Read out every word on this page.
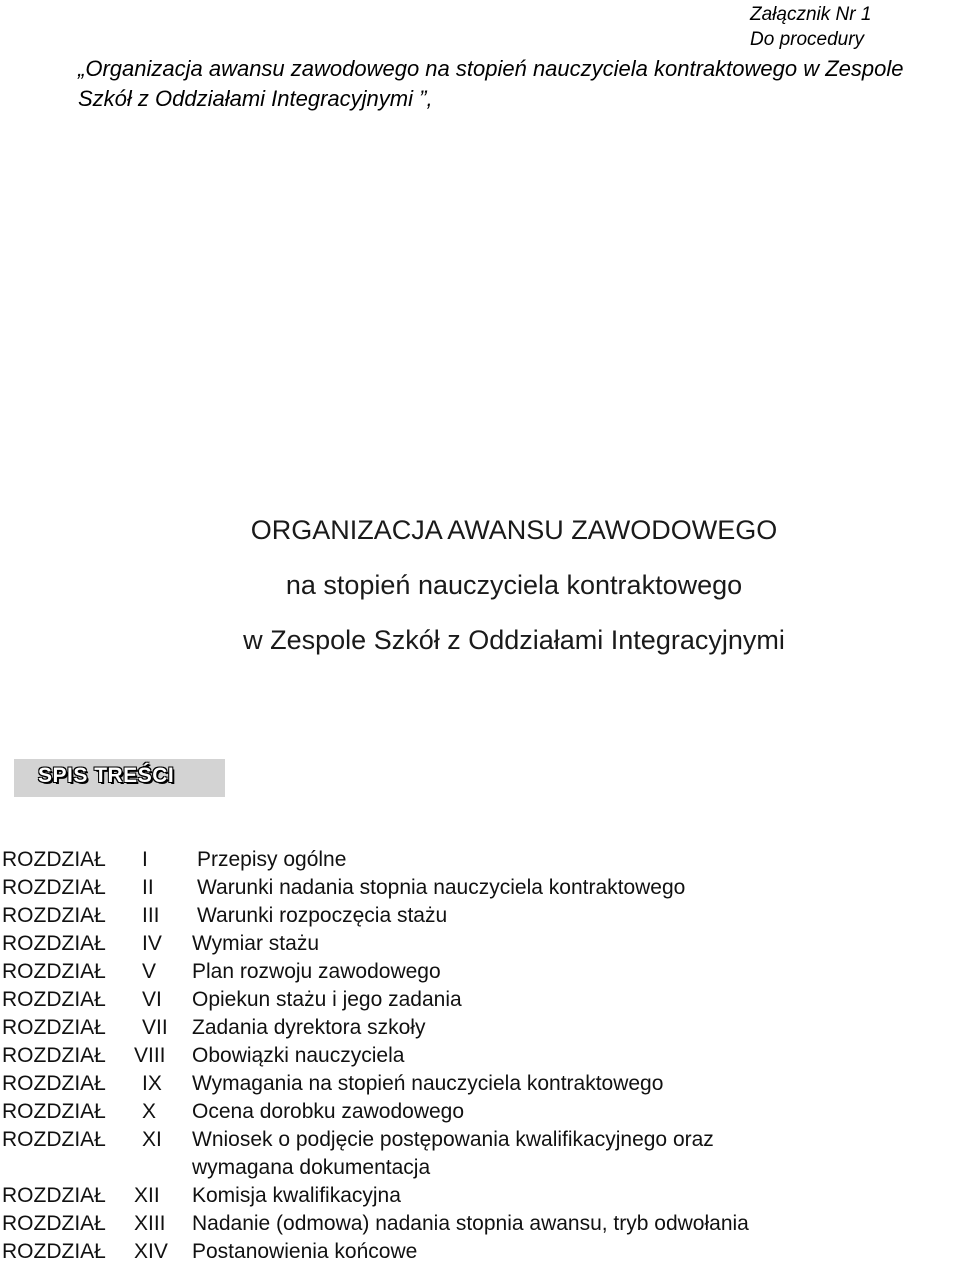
Załącznik Nr 1
Do procedury
„Organizacja awansu zawodowego na stopień nauczyciela kontraktowego w Zespole Szkół z Oddziałami Integracyjnymi ”,
ORGANIZACJA AWANSU ZAWODOWEGO
na stopień nauczyciela kontraktowego
w Zespole Szkół z Oddziałami Integracyjnymi
SPIS TREŚCI
ROZDZIAŁ I Przepisy ogólne
ROZDZIAŁ II Warunki nadania stopnia nauczyciela kontraktowego
ROZDZIAŁ III Warunki rozpoczęcia stażu
ROZDZIAŁ IV Wymiar stażu
ROZDZIAŁ V Plan rozwoju zawodowego
ROZDZIAŁ VI Opiekun stażu i jego zadania
ROZDZIAŁ VII Zadania dyrektora szkoły
ROZDZIAŁ VIII Obowiązki nauczyciela
ROZDZIAŁ IX Wymagania na stopień nauczyciela kontraktowego
ROZDZIAŁ X Ocena dorobku zawodowego
ROZDZIAŁ XI Wniosek o podjęcie postępowania kwalifikacyjnego oraz
wymagana dokumentacja
ROZDZIAŁ XII Komisja kwalifikacyjna
ROZDZIAŁ XIII Nadanie (odmowa) nadania stopnia awansu, tryb odwołania
ROZDZIAŁ XIV Postanowienia końcowe
